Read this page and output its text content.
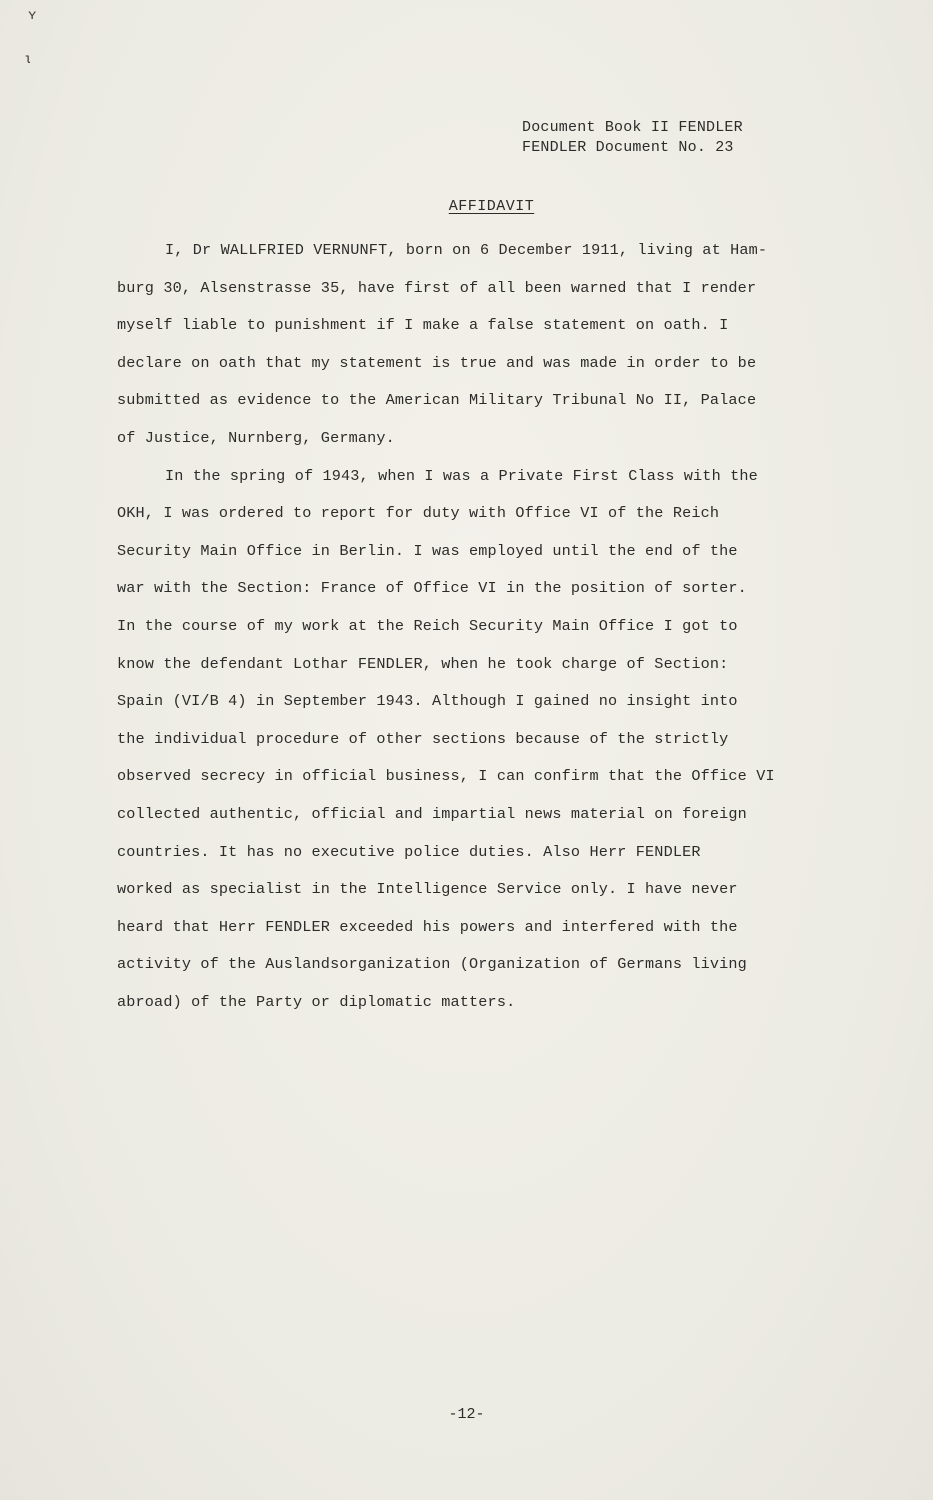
ʏ
ɩ
Document Book II FENDLER
FENDLER Document No. 23
AFFIDAVIT
I, Dr WALLFRIED VERNUNFT, born on 6 December 1911, living at Ham-
burg 30, Alsenstrasse 35, have first of all been warned that I render
myself liable to punishment if I make a false statement on oath. I
declare on oath that my statement is true and was made in order to be
submitted as evidence to the American Military Tribunal No II, Palace
of Justice, Nurnberg, Germany.
In the spring of 1943, when I was a Private First Class with the
OKH, I was ordered to report for duty with Office VI of the Reich
Security Main Office in Berlin. I was employed until the end of the
war with the Section: France of Office VI in the position of sorter.
In the course of my work at the Reich Security Main Office I got to
know the defendant Lothar FENDLER, when he took charge of Section:
Spain (VI/B 4) in September 1943. Although I gained no insight into
the individual procedure of other sections because of the strictly
observed secrecy in official business, I can confirm that the Office VI
collected authentic, official and impartial news material on foreign
countries. It has no executive police duties. Also Herr FENDLER
worked as specialist in the Intelligence Service only. I have never
heard that Herr FENDLER exceeded his powers and interfered with the
activity of the Auslandsorganization (Organization of Germans living
abroad) of the Party or diplomatic matters.
-12-
